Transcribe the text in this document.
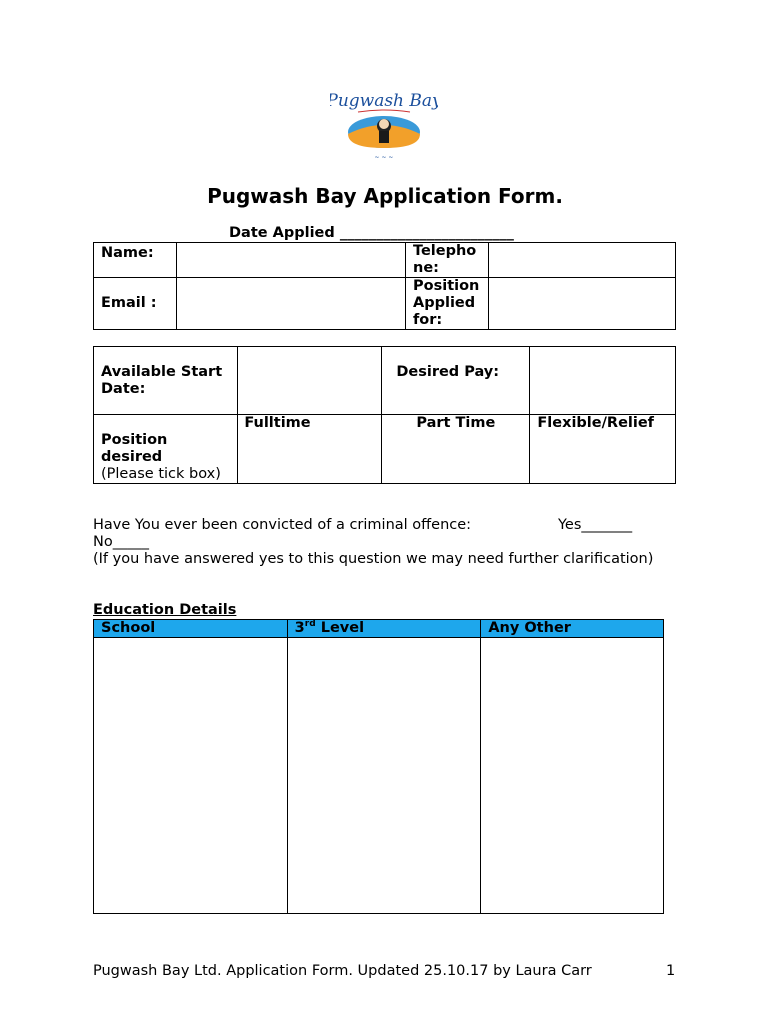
Pugwash Bay
~ ~ ~
Pugwash Bay Application Form.
Date Applied ________________________
Name:		Telepho ne:	
Email :		Position Applied for:	
Available Start Date:		Desired Pay:	

Position desired
(Please tick box)	Fulltime	Part Time	Flexible/Relief
Have You ever been convicted of a criminal offence:	Yes_______
No_____
(If you have answered yes to this question we may need further clarification)
Education Details
School	3rd Level	Any Other

Pugwash Bay Ltd. Application Form. Updated 25.10.17 by Laura Carr	1
